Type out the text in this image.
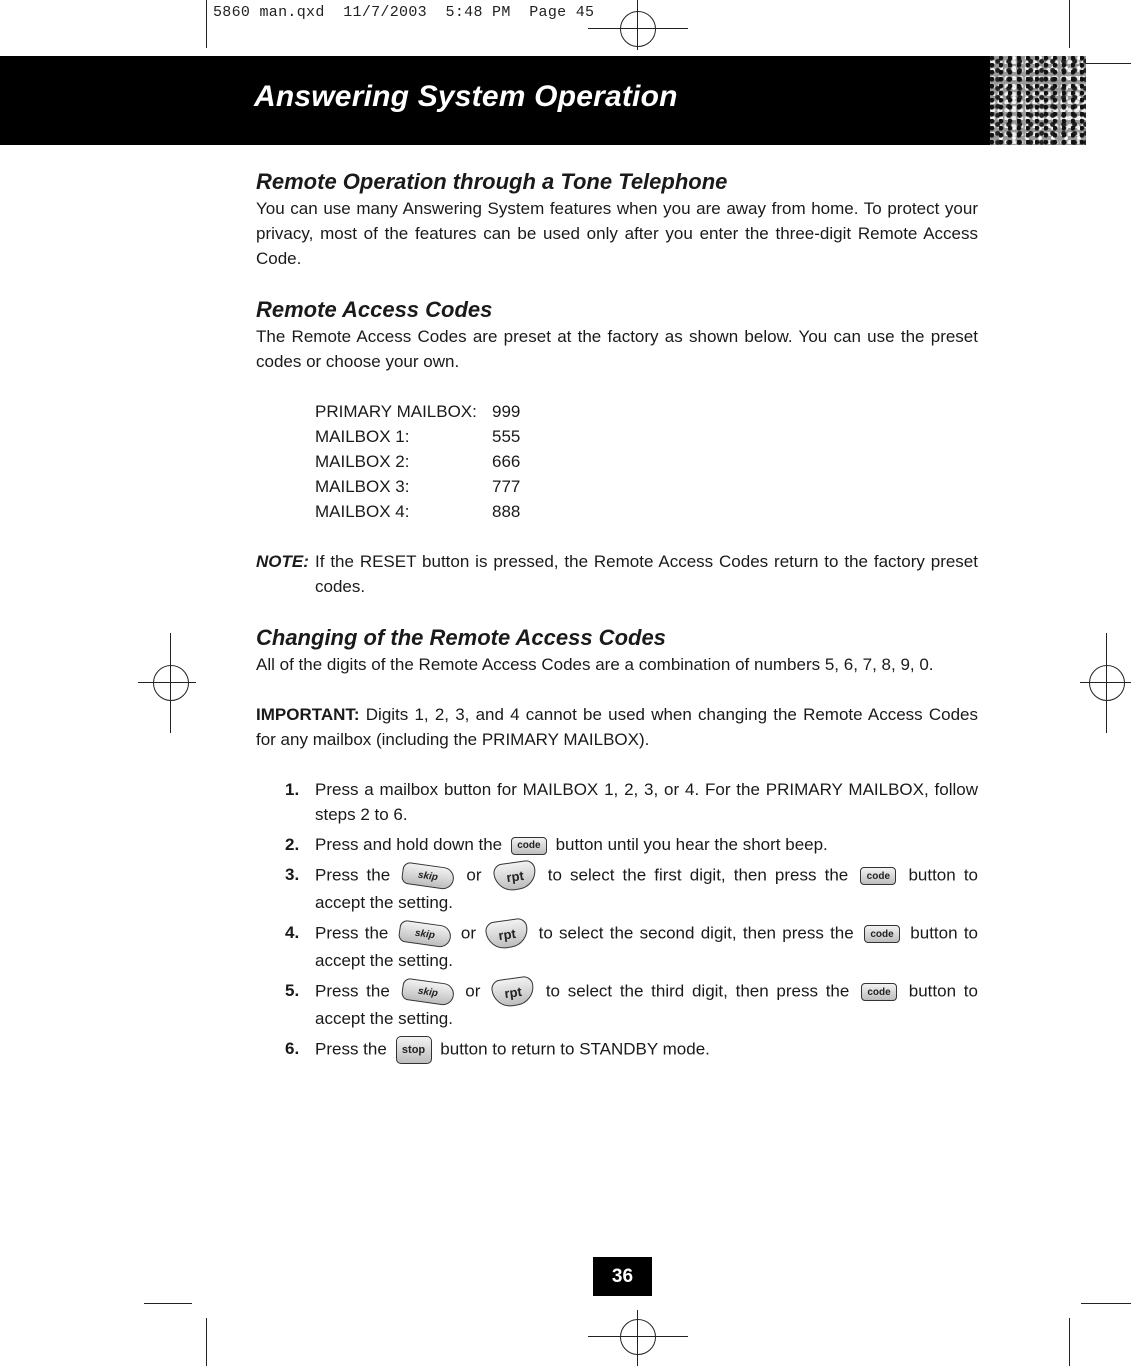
5860 man.qxd  11/7/2003  5:48 PM  Page 45
Answering System Operation
Remote Operation through a Tone Telephone

You can use many Answering System features when you are away from home. To protect your privacy, most of the features can be used only after you enter the three-digit Remote Access Code.

Remote Access Codes

The Remote Access Codes are preset at the factory as shown below. You can use the preset codes or choose your own.

PRIMARY MAILBOX: 999
MAILBOX 1:	555
MAILBOX 2:	666
MAILBOX 3:	777
MAILBOX 4:	888
NOTE: If the RESET button is pressed, the Remote Access Codes return to the factory preset codes.

Changing of the Remote Access Codes

All of the digits of the Remote Access Codes are a combination of numbers 5, 6, 7, 8, 9, 0.

IMPORTANT: Digits 1, 2, 3, and 4 cannot be used when changing the Remote Access Codes for any mailbox (including the PRIMARY MAILBOX).

1. Press a mailbox button for MAILBOX 1, 2, 3, or 4. For the PRIMARY MAILBOX, follow steps 2 to 6.
2. Press and hold down the code button until you hear the short beep.
3. Press the	skip or rpt to select the first digit, then press the code button to accept the setting.
4. Press the	skip or rpt to select the second digit, then press the code button to accept the setting.
5. Press the	skip or rpt to select the third digit, then press the code button to accept the setting.
6. Press the stop button to return to STANDBY mode.
36
